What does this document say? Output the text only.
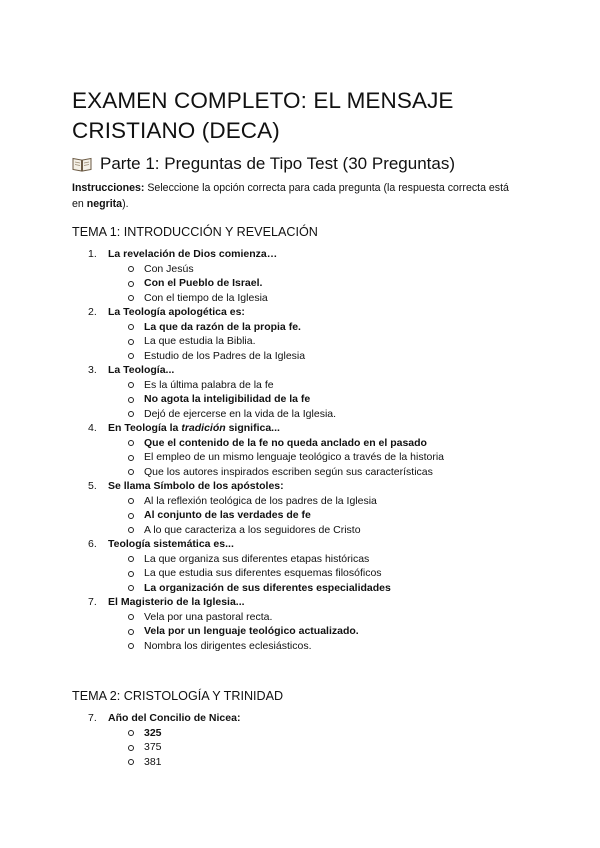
EXAMEN COMPLETO: EL MENSAJE CRISTIANO (DECA)
Parte 1: Preguntas de Tipo Test (30 Preguntas)

Instrucciones: Seleccione la opción correcta para cada pregunta (la respuesta correcta está en negrita).

TEMA 1: INTRODUCCIÓN Y REVELACIÓN
1. La revelación de Dios comienza…
Con Jesús
Con el Pueblo de Israel.
Con el tiempo de la Iglesia
2. La Teología apologética es:
La que da razón de la propia fe.
La que estudia la Biblia.
Estudio de los Padres de la Iglesia
3. La Teología...
Es la última palabra de la fe
No agota la inteligibilidad de la fe
Dejó de ejercerse en la vida de la Iglesia.
4. En Teología la tradición significa...
Que el contenido de la fe no queda anclado en el pasado
El empleo de un mismo lenguaje teológico a través de la historia
Que los autores inspirados escriben según sus características
5. Se llama Símbolo de los apóstoles:
Al la reflexión teológica de los padres de la Iglesia
Al conjunto de las verdades de fe
A lo que caracteriza a los seguidores de Cristo
6. Teología sistemática es...
La que organiza sus diferentes etapas históricas
La que estudia sus diferentes esquemas filosóficos
La organización de sus diferentes especialidades
7. El Magisterio de la Iglesia...
Vela por una pastoral recta.
Vela por un lenguaje teológico actualizado.
Nombra los dirigentes eclesiásticos.
TEMA 2: CRISTOLOGÍA Y TRINIDAD
7. Año del Concilio de Nicea:
325
375
381
